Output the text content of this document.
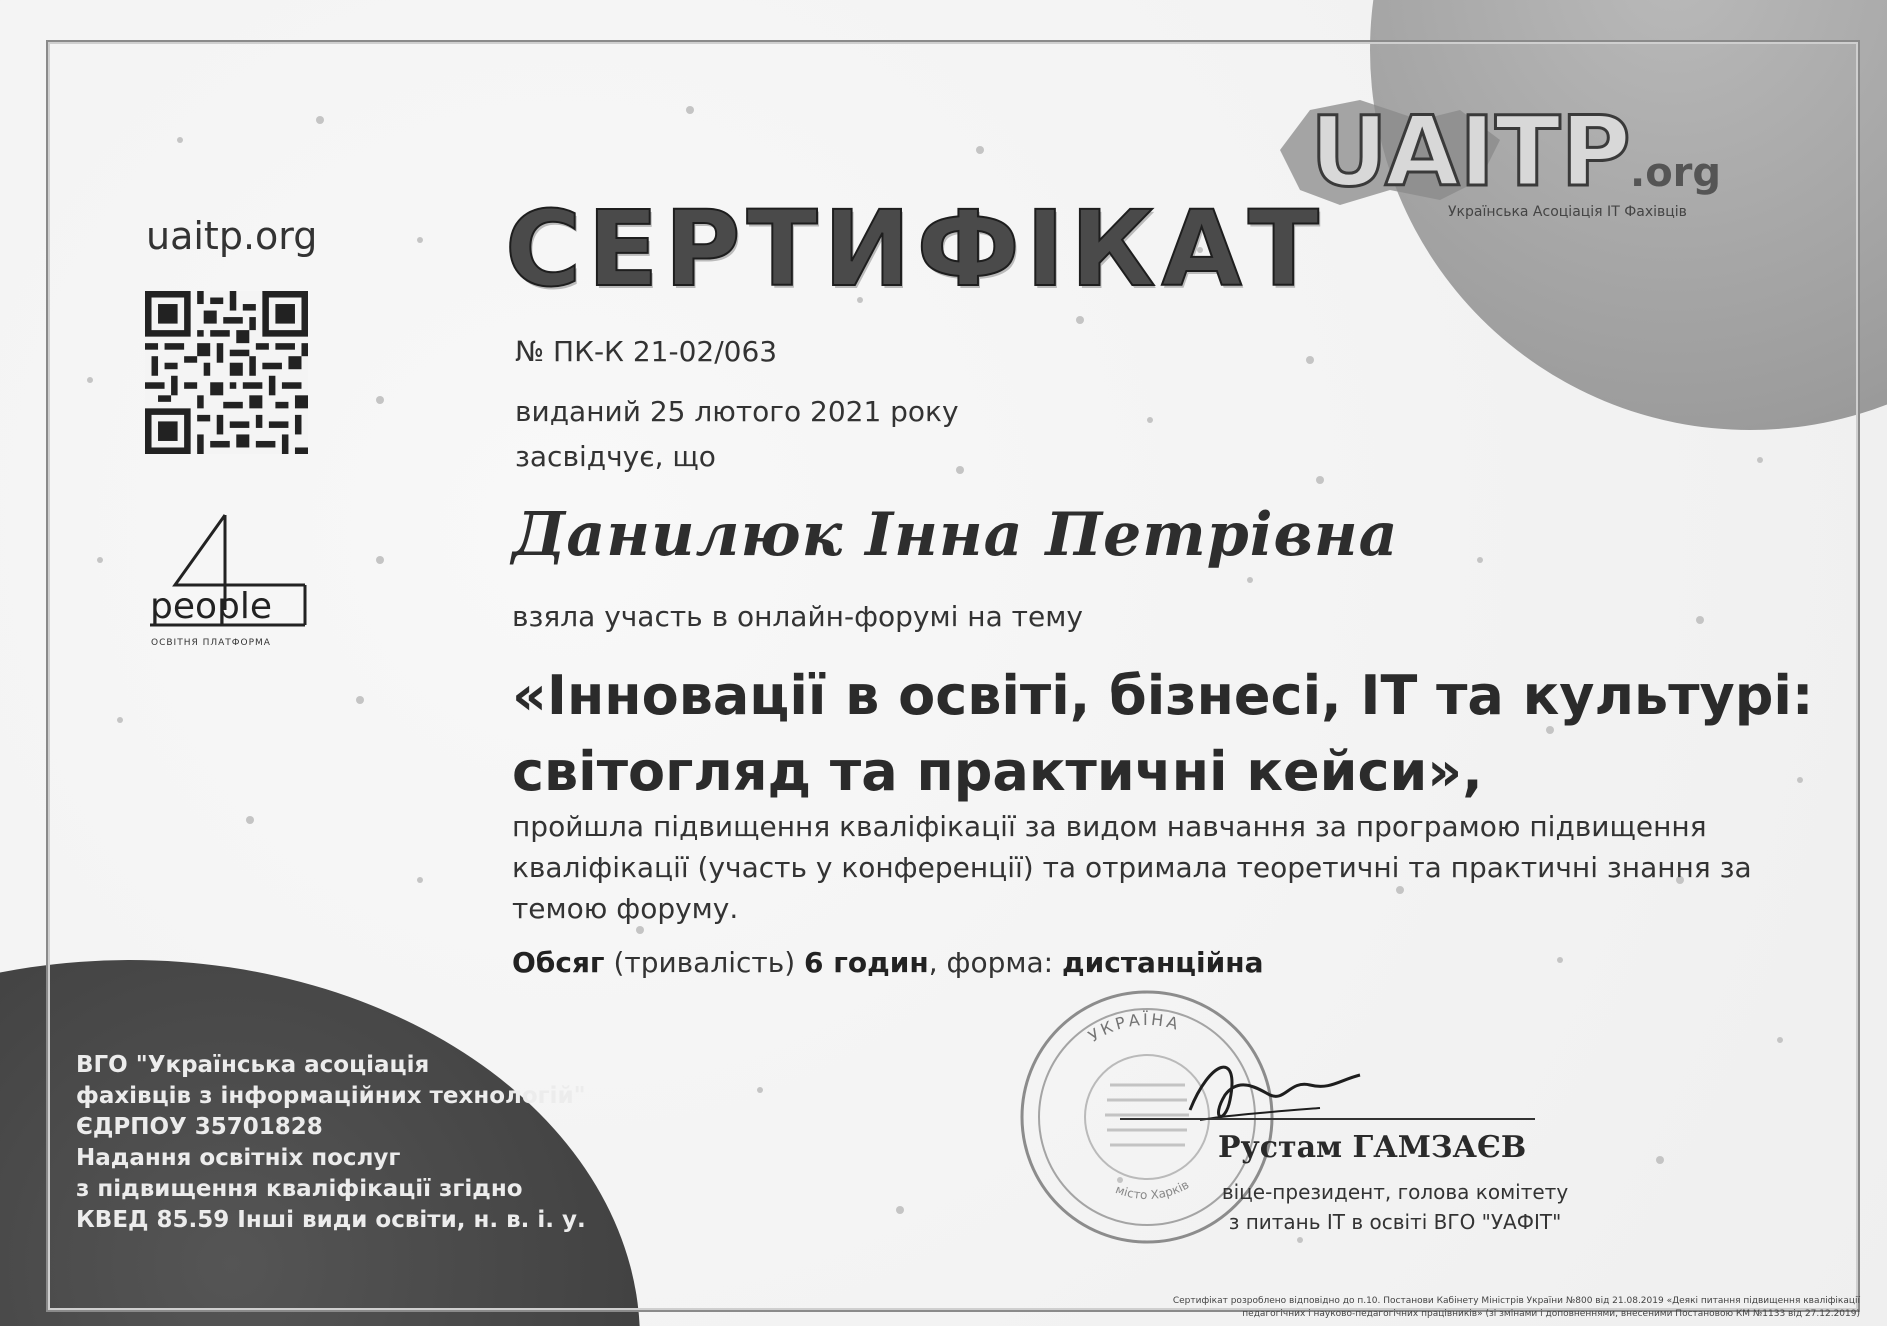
uaitp.org
people
ОСВІТНЯ ПЛАТФОРМА
UAITP .org
Українська Асоціація IT Фахівців
СЕРТИФІКАТ
№ ПК-К 21-02/063
виданий 25 лютого 2021 року
засвідчує, що
Данилюк Інна Петрівна
взяла участь в онлайн-форумі на тему
«Інновації в освіті, бізнесі, ІТ та культурі:
світогляд та практичні кейси»,
пройшла підвищення кваліфікації за видом навчання за програмою підвищення
кваліфікації (участь у конференції) та отримала теоретичні та практичні знання за
темою форуму.
Обсяг (тривалість) 6 годин, форма: дистанційна
ВГО "Українська асоціація
фахівців з інформаційних технологій"
ЄДРПОУ 35701828
Надання освітніх послуг
з підвищення кваліфікації згідно
КВЕД 85.59 Інші види освіти, н. в. і. у.
УКРАЇНА
місто Харків
Рустам ГАМЗАЄВ
віце-президент, голова комітету
з питань ІТ в освіті ВГО "УАФІТ"
Сертифікат розроблено відповідно до п.10. Постанови Кабінету Міністрів України №800 від 21.08.2019 «Деякі питання підвищення кваліфікації
педагогічних і науково-педагогічних працівників» (зі змінами і доповненнями, внесеними Постановою КМ №1133 від 27.12.2019)
